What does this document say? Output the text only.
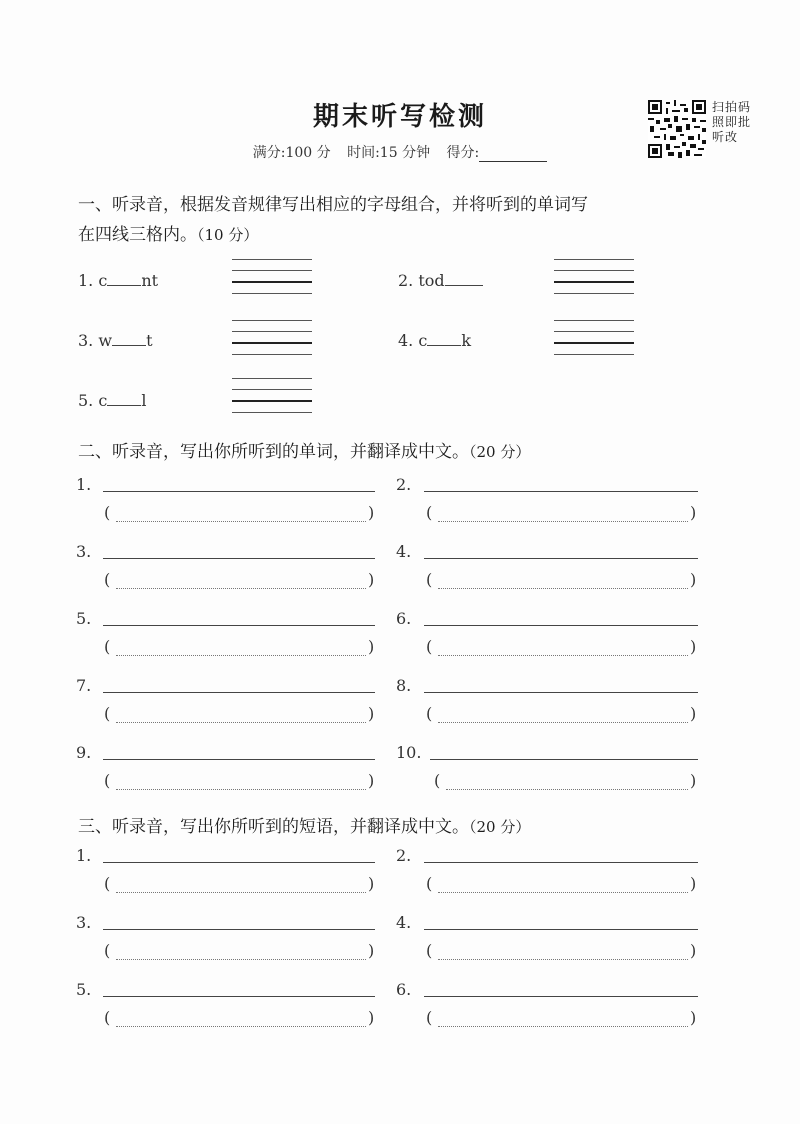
期末听写检测
满分:100 分 时间:15 分钟 得分:
扫拍码照即批听改
一、听录音，根据发音规律写出相应的字母组合，并将听到的单词写
在四线三格内。（10 分）
1. c nt	2. tod
3. w t	4. c k
5. c l
二、听录音，写出你所听到的单词，并翻译成中文。（20 分）
1.
(	)
2.
(	)
3.
(	)
4.
(	)
5.
(	)
6.
(	)
7.
(	)
8.
(	)
9.
(	)
10.
(	)
三、听录音，写出你所听到的短语，并翻译成中文。（20 分）
1.
(	)
2.
(	)
3.
(	)
4.
(	)
5.
(	)
6.
(	)
